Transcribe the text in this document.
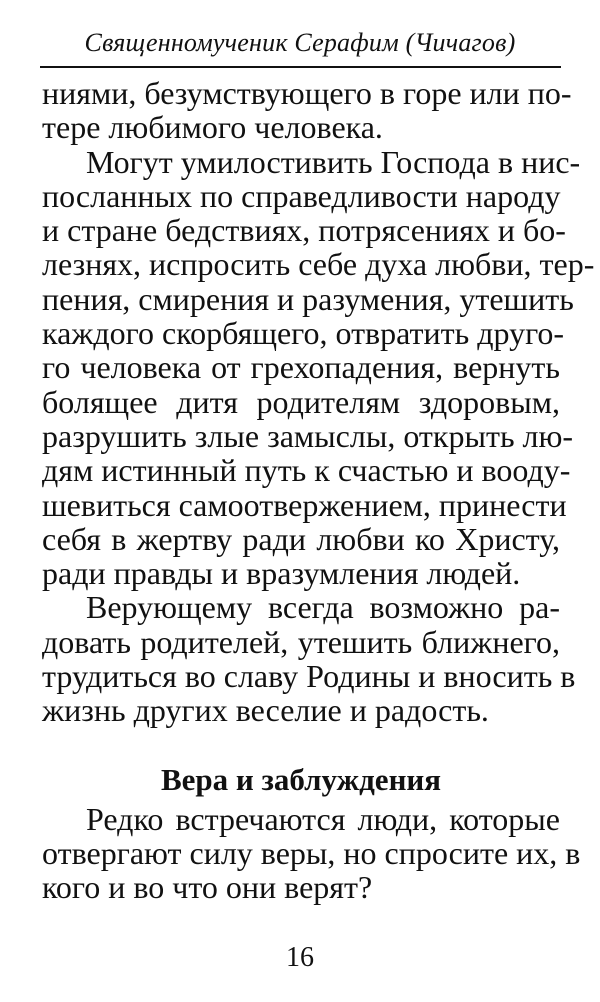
Священномученик Серафим (Чичагов)
ниями, безумствующего в горе или по-
тере любимого человека.
Могут умилостивить Господа в нис-
посланных по справедливости народу
и стране бедствиях, потрясениях и бо-
лезнях, испросить себе духа любви, тер-
пения, смирения и разумения, утешить
каждого скорбящего, отвратить друго-
го человека от грехопадения, вернуть
болящее дитя родителям здоровым,
разрушить злые замыслы, открыть лю-
дям истинный путь к счастью и вооду-
шевиться самоотвержением, принести
себя в жертву ради любви ко Христу,
ради правды и вразумления людей.
Верующему всегда возможно ра-
довать родителей, утешить ближнего,
трудиться во славу Родины и вносить в
жизнь других веселие и радость.
Вера и заблуждения
Редко встречаются люди, которые
отвергают силу веры, но спросите их, в
кого и во что они верят?
16
